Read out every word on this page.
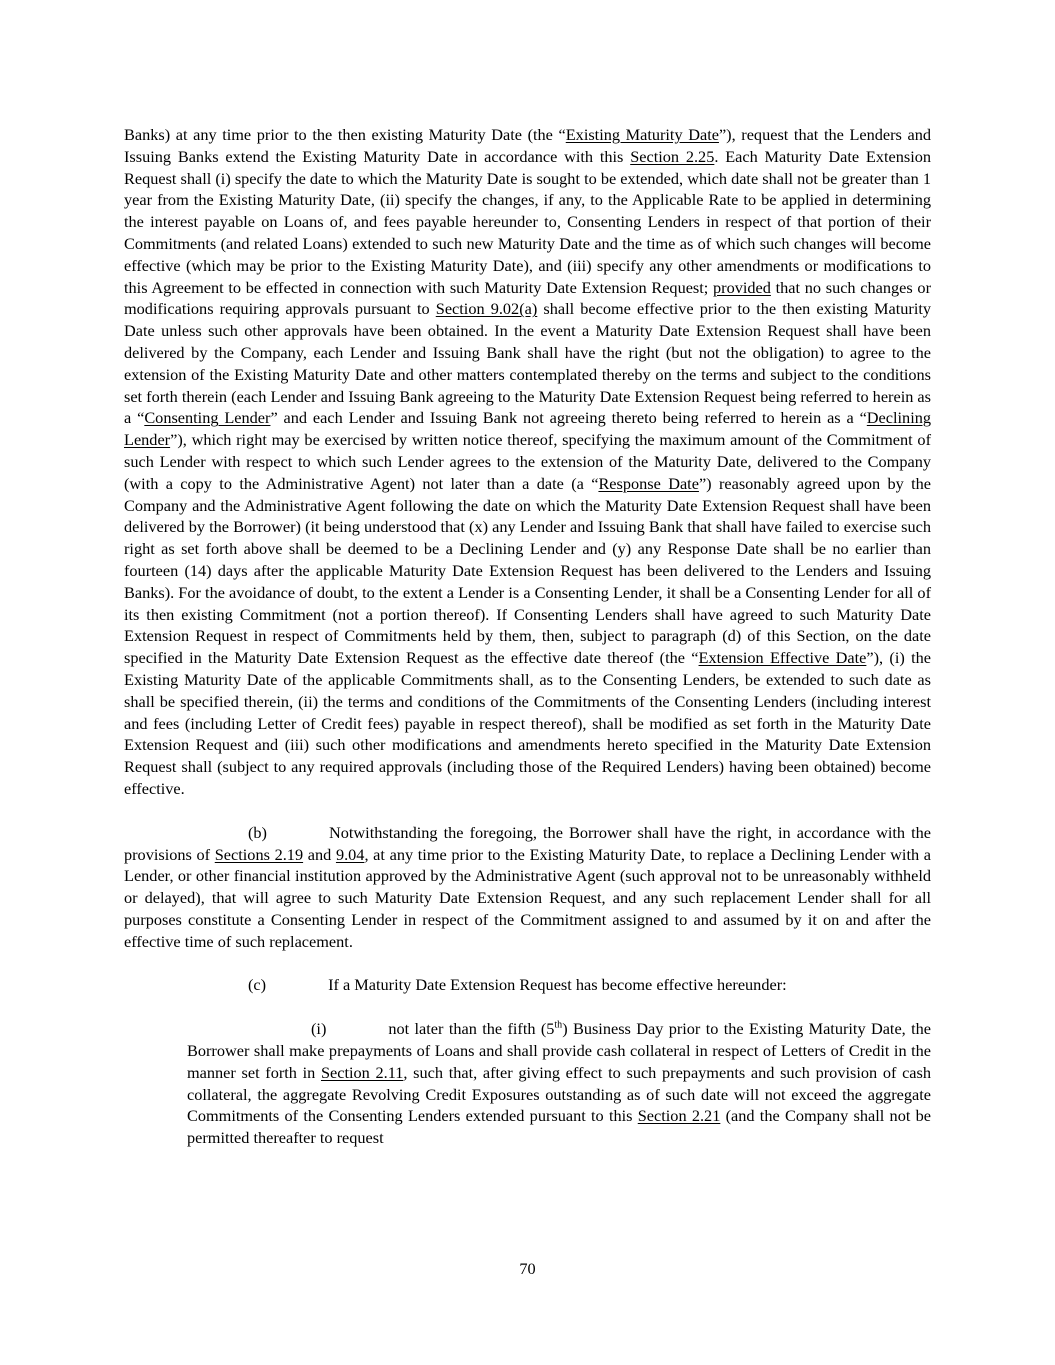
Banks) at any time prior to the then existing Maturity Date (the “Existing Maturity Date”), request that the Lenders and Issuing Banks extend the Existing Maturity Date in accordance with this Section 2.25. Each Maturity Date Extension Request shall (i) specify the date to which the Maturity Date is sought to be extended, which date shall not be greater than 1 year from the Existing Maturity Date, (ii) specify the changes, if any, to the Applicable Rate to be applied in determining the interest payable on Loans of, and fees payable hereunder to, Consenting Lenders in respect of that portion of their Commitments (and related Loans) extended to such new Maturity Date and the time as of which such changes will become effective (which may be prior to the Existing Maturity Date), and (iii) specify any other amendments or modifications to this Agreement to be effected in connection with such Maturity Date Extension Request; provided that no such changes or modifications requiring approvals pursuant to Section 9.02(a) shall become effective prior to the then existing Maturity Date unless such other approvals have been obtained. In the event a Maturity Date Extension Request shall have been delivered by the Company, each Lender and Issuing Bank shall have the right (but not the obligation) to agree to the extension of the Existing Maturity Date and other matters contemplated thereby on the terms and subject to the conditions set forth therein (each Lender and Issuing Bank agreeing to the Maturity Date Extension Request being referred to herein as a “Consenting Lender” and each Lender and Issuing Bank not agreeing thereto being referred to herein as a “Declining Lender”), which right may be exercised by written notice thereof, specifying the maximum amount of the Commitment of such Lender with respect to which such Lender agrees to the extension of the Maturity Date, delivered to the Company (with a copy to the Administrative Agent) not later than a date (a “Response Date”) reasonably agreed upon by the Company and the Administrative Agent following the date on which the Maturity Date Extension Request shall have been delivered by the Borrower) (it being understood that (x) any Lender and Issuing Bank that shall have failed to exercise such right as set forth above shall be deemed to be a Declining Lender and (y) any Response Date shall be no earlier than fourteen (14) days after the applicable Maturity Date Extension Request has been delivered to the Lenders and Issuing Banks). For the avoidance of doubt, to the extent a Lender is a Consenting Lender, it shall be a Consenting Lender for all of its then existing Commitment (not a portion thereof). If Consenting Lenders shall have agreed to such Maturity Date Extension Request in respect of Commitments held by them, then, subject to paragraph (d) of this Section, on the date specified in the Maturity Date Extension Request as the effective date thereof (the “Extension Effective Date”), (i) the Existing Maturity Date of the applicable Commitments shall, as to the Consenting Lenders, be extended to such date as shall be specified therein, (ii) the terms and conditions of the Commitments of the Consenting Lenders (including interest and fees (including Letter of Credit fees) payable in respect thereof), shall be modified as set forth in the Maturity Date Extension Request and (iii) such other modifications and amendments hereto specified in the Maturity Date Extension Request shall (subject to any required approvals (including those of the Required Lenders) having been obtained) become effective.

(b)	Notwithstanding the foregoing, the Borrower shall have the right, in accordance with the provisions of Sections 2.19 and 9.04, at any time prior to the Existing Maturity Date, to replace a Declining Lender with a Lender, or other financial institution approved by the Administrative Agent (such approval not to be unreasonably withheld or delayed), that will agree to such Maturity Date Extension Request, and any such replacement Lender shall for all purposes constitute a Consenting Lender in respect of the Commitment assigned to and assumed by it on and after the effective time of such replacement.

(c)	If a Maturity Date Extension Request has become effective hereunder:

(i)	not later than the fifth (5th) Business Day prior to the Existing Maturity Date, the Borrower shall make prepayments of Loans and shall provide cash collateral in respect of Letters of Credit in the manner set forth in Section 2.11, such that, after giving effect to such prepayments and such provision of cash collateral, the aggregate Revolving Credit Exposures outstanding as of such date will not exceed the aggregate Commitments of the Consenting Lenders extended pursuant to this Section 2.21 (and the Company shall not be permitted thereafter to request

70
